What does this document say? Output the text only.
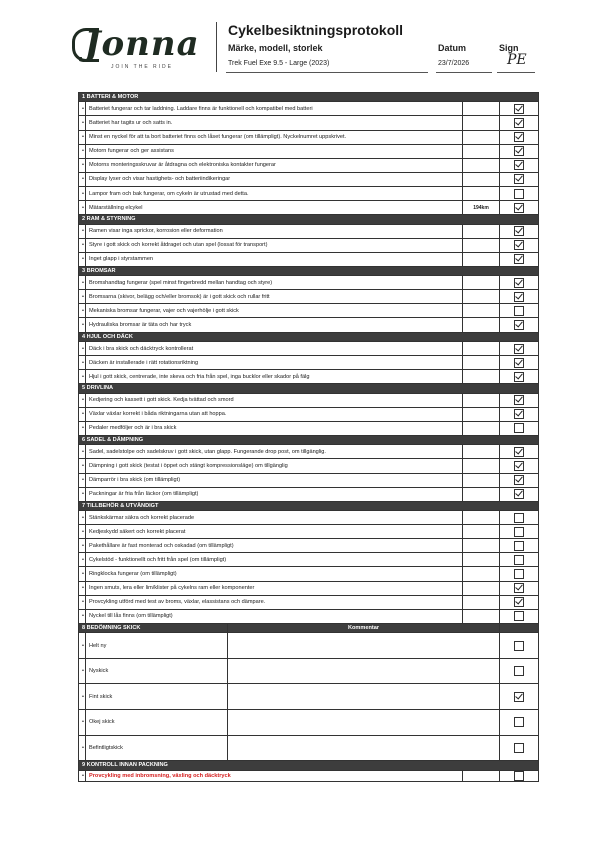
Jonna
JOIN THE RIDE
Cykelbesiktningsprotokoll
Märke, modell, storlek	Datum	Sign
Trek Fuel Exe 9.5 - Large (2023)	23/7/2026	PE
1 BATTERI & MOTOR				
•	Batteriet fungerar och tar laddning. Laddare finns är funktionell och kompatibel med batteri			
•	Batteriet har tagits ur och satts in.			
•	Minst en nyckel för att ta bort batteriet finns och låset fungerar (om tillämpligt). Nyckelnumret uppskrivet.			
•	Motorn fungerar och ger assistans			
•	Motorns monteringsskruvar är åtdragna och elektroniska kontakter fungerar			
•	Display lyser och visar hastighets- och batteriindikeringar			
•	Lampor fram och bak fungerar, om cykeln är utrustad med detta.			
•	Mätarställning elcykel		194km	
2 RAM & STYRNING				
•	Ramen visar inga sprickor, korrosion eller deformation			
•	Styre i gott skick och korrekt åtdraget och utan spel (lossat för transport)			
•	Inget glapp i styrstammen			
3 BROMSAR				
•	Bromshandtag fungerar (spel minst fingerbredd mellan handtag och styre)			
•	Bromsarna (skivor, belägg och/eller bromsok) är i gott skick och rullar fritt			
•	Mekaniska bromsar fungerar, vajer och vajerhölje i gott skick			
•	Hydrauliska bromsar är täta och har tryck			
4 HJUL OCH DÄCK				
•	Däck i bra skick och däcktryck kontrollerat			
•	Däcken är installerade i rätt rotationsriktning			
•	Hjul i gott skick, centrerade, inte skeva och fria från spel, inga bucklor eller skador på fälg			
5 DRIVLINA				
•	Kedjering och kassett i gott skick. Kedja tvättad och smord			
•	Växlar växlar korrekt i båda riktningarna utan att hoppa.			
•	Pedaler medföljer och är i bra skick			
6 SADEL & DÄMPNING				
•	Sadel, sadelstolpe och sadelskruv i gott skick, utan glapp. Fungerande drop post, om tillgänglig.			
•	Dämpning i gott skick (testat i öppet och stängt kompressionsläge) om tillgänglig			
•	Dämparrör i bra skick (om tillämpligt)			
•	Packningar är fria från läckor (om tillämpligt)			
7 TILLBEHÖR & UTVÄNDIGT				
•	Stänkskärmar säkra och korrekt placerade			
•	Kedjeskydd säkert och korrekt placerat			
•	Pakethållare är fast monterad och oskadad (om tillämpligt)			
•	Cykelstöd - funktionellt och fritt från spel (om tillämpligt)			
•	Ringklocka fungerar (om tillämpligt)			
•	Ingen smuts, lera eller lim/klister på cykelns ram eller komponenter			
•	Provcykling utförd med test av broms, växlar, elassistans och dämpare.			
•	Nyckel till lås finns (om tillämpligt)			
8 BEDÖMNING SKICK		Kommentar		
•	Helt ny			
•	Nyskick			
•	Fint skick			
•	Okej skick			
•	Befintligtskick			
9 KONTROLL INNAN PACKNING				
•	Provcykling med inbromsning, växling och däcktryck			
